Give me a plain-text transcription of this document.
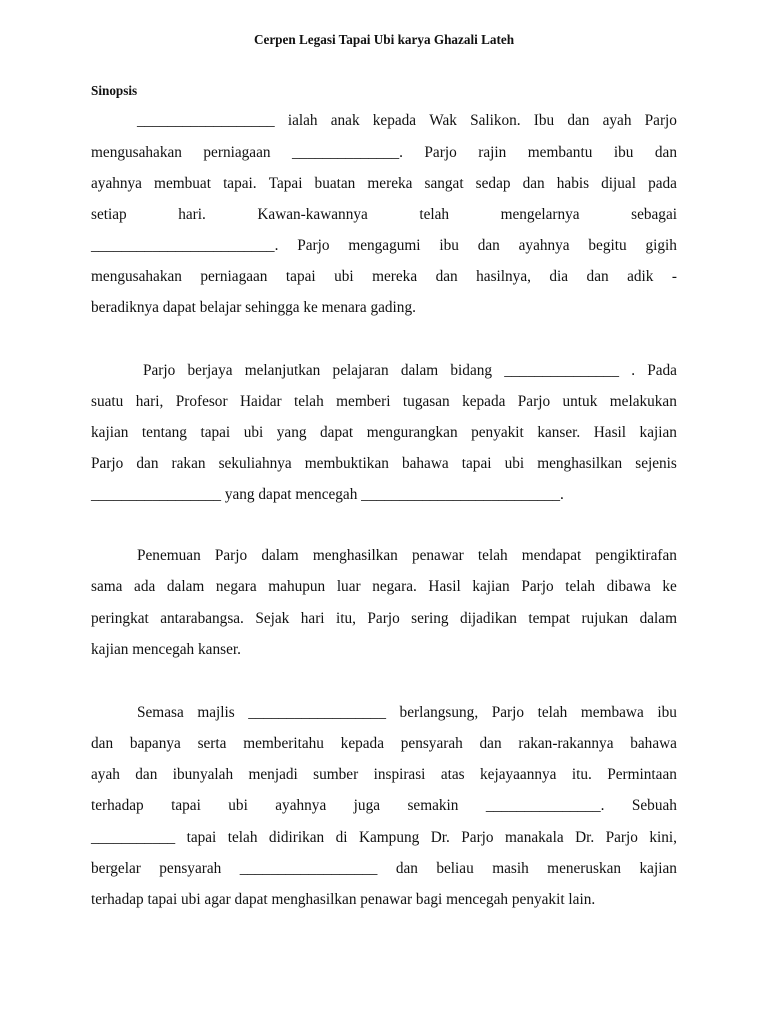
Cerpen Legasi Tapai Ubi karya Ghazali Lateh
Sinopsis
__________________ ialah anak kepada Wak Salikon. Ibu dan ayah Parjo
mengusahakan perniagaan ______________. Parjo rajin membantu ibu dan
ayahnya membuat tapai. Tapai buatan mereka sangat sedap dan habis dijual pada
setiap	hari.	Kawan-kawannya	telah	mengelarnya	sebagai
________________________. Parjo mengagumi ibu dan ayahnya begitu gigih
mengusahakan perniagaan tapai ubi mereka dan hasilnya, dia dan adik -
beradiknya dapat belajar sehingga ke menara gading.
Parjo berjaya melanjutkan pelajaran dalam bidang _______________ . Pada
suatu hari, Profesor Haidar telah memberi tugasan kepada Parjo untuk melakukan
kajian tentang tapai ubi yang dapat mengurangkan penyakit kanser. Hasil kajian
Parjo dan rakan sekuliahnya membuktikan bahawa tapai ubi menghasilkan sejenis
_________________ yang dapat mencegah __________________________.
Penemuan Parjo dalam menghasilkan penawar telah mendapat pengiktirafan
sama ada dalam negara mahupun luar negara. Hasil kajian Parjo telah dibawa ke
peringkat antarabangsa. Sejak hari itu, Parjo sering dijadikan tempat rujukan dalam
kajian mencegah kanser.
Semasa majlis __________________ berlangsung, Parjo telah membawa ibu
dan bapanya serta memberitahu kepada pensyarah dan rakan-rakannya bahawa
ayah dan ibunyalah menjadi sumber inspirasi atas kejayaannya itu. Permintaan
terhadap tapai ubi ayahnya juga semakin _______________. Sebuah
___________ tapai telah didirikan di Kampung Dr. Parjo manakala Dr. Parjo kini,
bergelar pensyarah __________________ dan beliau masih meneruskan kajian
terhadap tapai ubi agar dapat menghasilkan penawar bagi mencegah penyakit lain.
